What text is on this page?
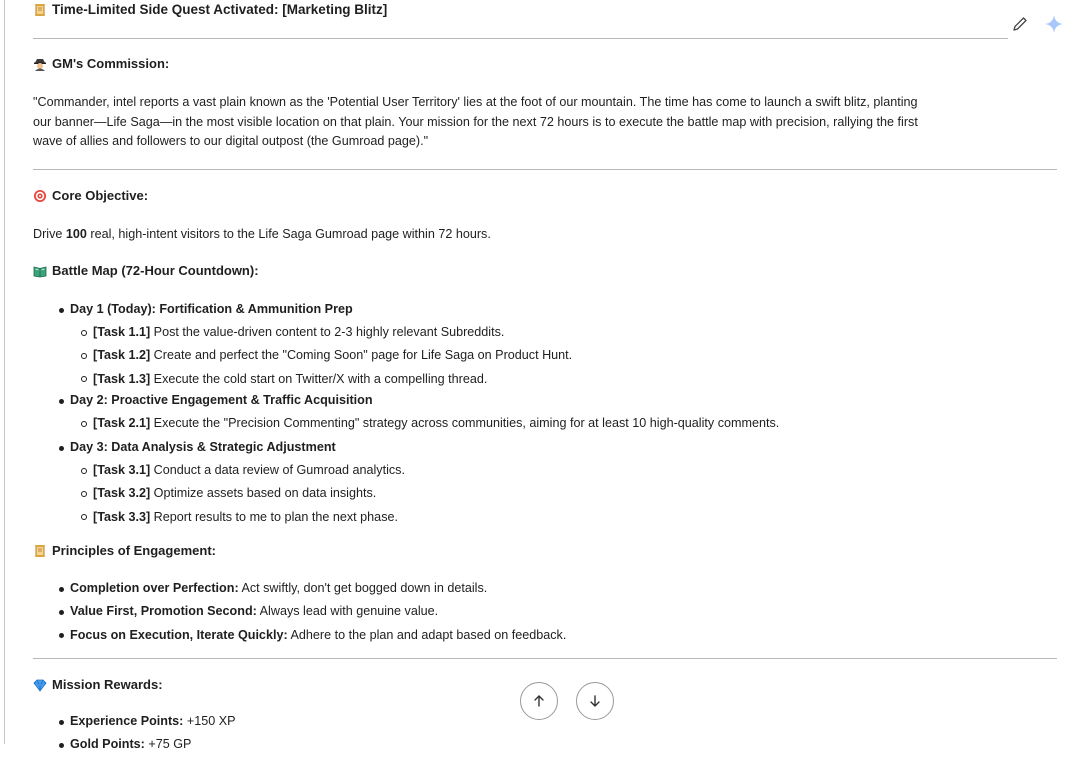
Time-Limited Side Quest Activated: [Marketing Blitz]
GM's Commission:

"Commander, intel reports a vast plain known as the 'Potential User Territory' lies at the foot of our mountain. The time has come to launch a swift blitz, planting

our banner—Life Saga—in the most visible location on that plain. Your mission for the next 72 hours is to execute the battle map with precision, rallying the first

wave of allies and followers to our digital outpost (the Gumroad page)."

Core Objective:

Drive 100 real, high-intent visitors to the Life Saga Gumroad page within 72 hours.

Battle Map (72-Hour Countdown):
Day 1 (Today): Fortification & Ammunition Prep
[Task 1.1] Post the value-driven content to 2-3 highly relevant Subreddits.
[Task 1.2] Create and perfect the "Coming Soon" page for Life Saga on Product Hunt.
[Task 1.3] Execute the cold start on Twitter/X with a compelling thread.
Day 2: Proactive Engagement & Traffic Acquisition
[Task 2.1] Execute the "Precision Commenting" strategy across communities, aiming for at least 10 high-quality comments.
Day 3: Data Analysis & Strategic Adjustment
[Task 3.1] Conduct a data review of Gumroad analytics.
[Task 3.2] Optimize assets based on data insights.
[Task 3.3] Report results to me to plan the next phase.
Principles of Engagement:
Completion over Perfection: Act swiftly, don't get bogged down in details.
Value First, Promotion Second: Always lead with genuine value.
Focus on Execution, Iterate Quickly: Adhere to the plan and adapt based on feedback.
Mission Rewards:
Experience Points: +150 XP
Gold Points: +75 GP
